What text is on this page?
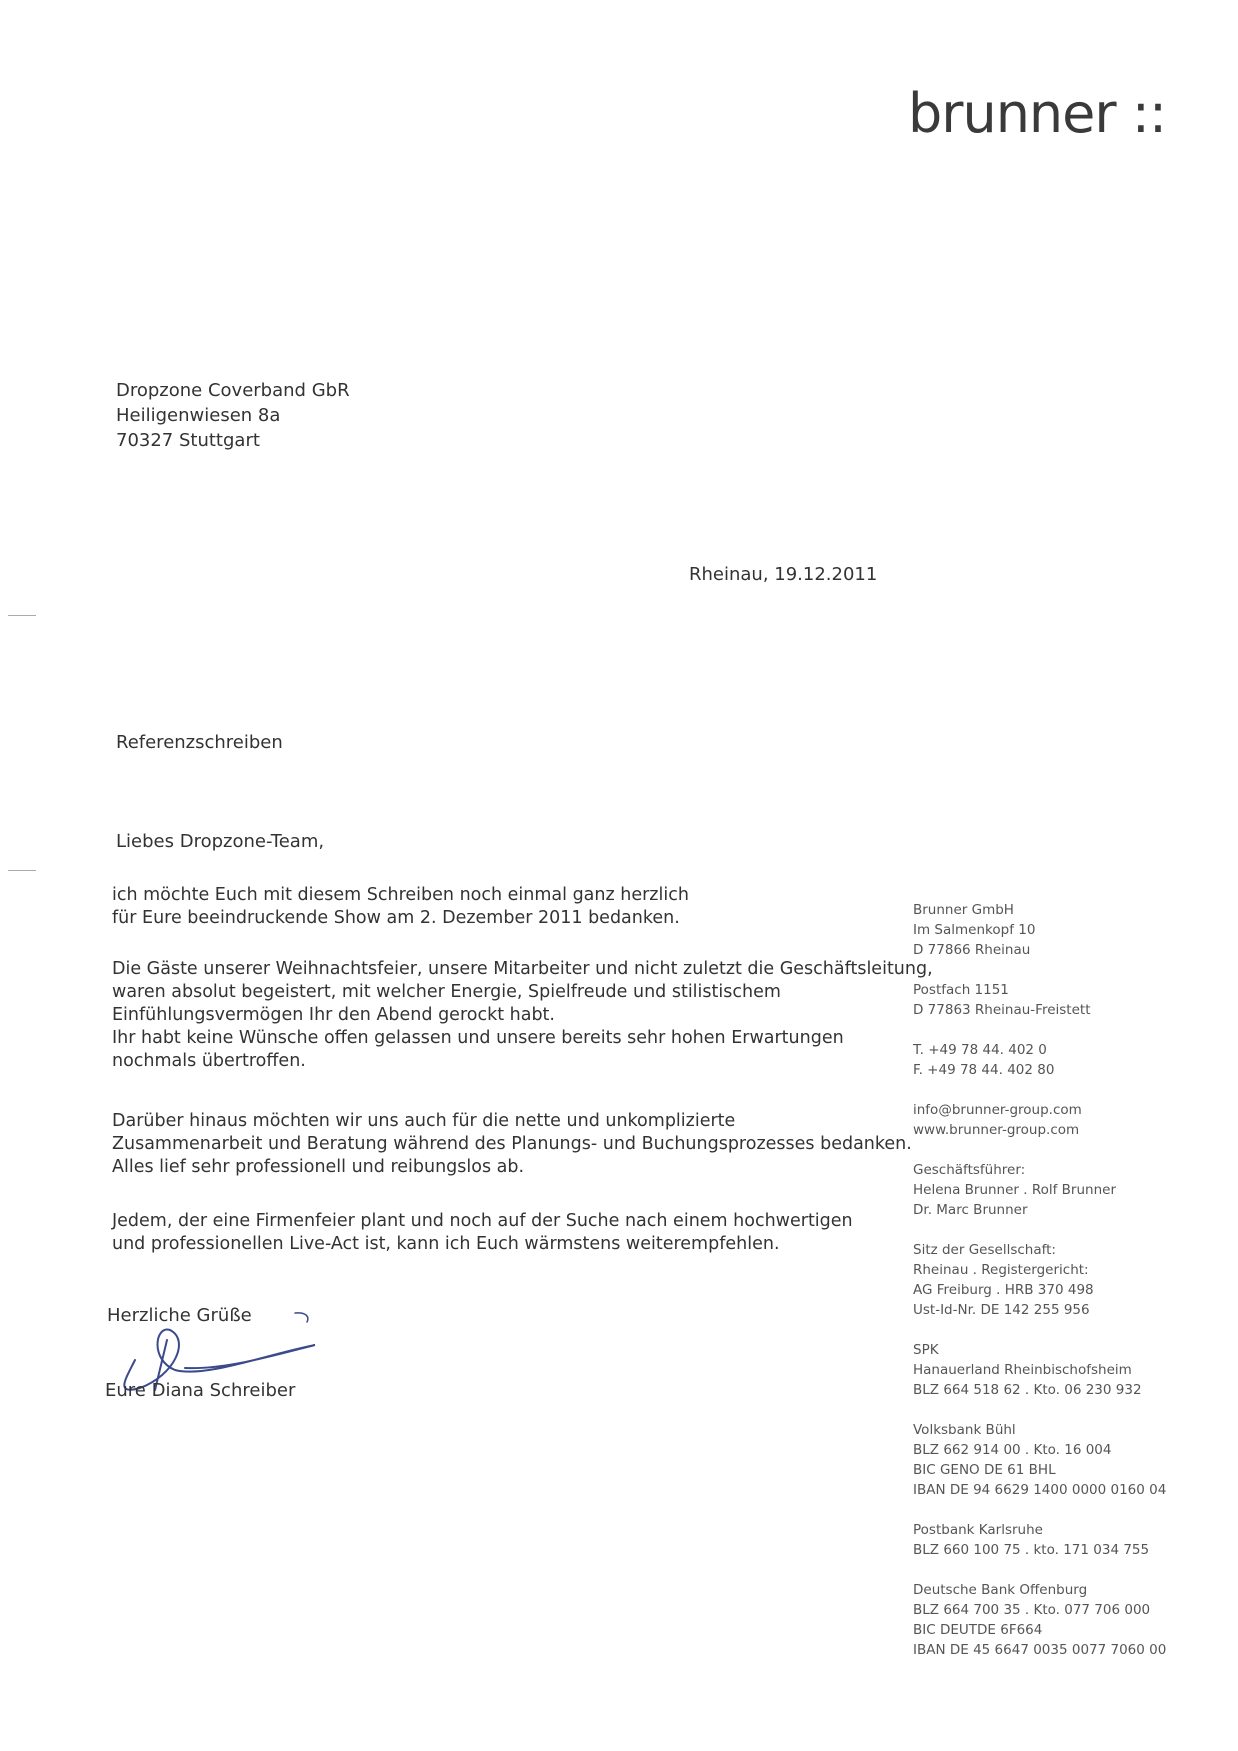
brunner ::
Dropzone Coverband GbR
Heiligenwiesen 8a
70327 Stuttgart
Rheinau, 19.12.2011
Referenzschreiben
Liebes Dropzone-Team,
ich möchte Euch mit diesem Schreiben noch einmal ganz herzlich
für Eure beeindruckende Show am 2. Dezember 2011 bedanken.
Die Gäste unserer Weihnachtsfeier, unsere Mitarbeiter und nicht zuletzt die Geschäftsleitung,
waren absolut begeistert, mit welcher Energie, Spielfreude und stilistischem
Einfühlungsvermögen Ihr den Abend gerockt habt.
Ihr habt keine Wünsche offen gelassen und unsere bereits sehr hohen Erwartungen
nochmals übertroffen.
Darüber hinaus möchten wir uns auch für die nette und unkomplizierte
Zusammenarbeit und Beratung während des Planungs- und Buchungsprozesses bedanken.
Alles lief sehr professionell und reibungslos ab.
Jedem, der eine Firmenfeier plant und noch auf der Suche nach einem hochwertigen
und professionellen Live-Act ist, kann ich Euch wärmstens weiterempfehlen.
Herzliche Grüße
Eure Diana Schreiber
Brunner GmbH
Im Salmenkopf 10
D 77866 Rheinau
Postfach 1151
D 77863 Rheinau-Freistett
T. +49 78 44. 402 0
F. +49 78 44. 402 80
info@brunner-group.com
www.brunner-group.com
Geschäftsführer:
Helena Brunner . Rolf Brunner
Dr. Marc Brunner
Sitz der Gesellschaft:
Rheinau . Registergericht:
AG Freiburg . HRB 370 498
Ust-Id-Nr. DE 142 255 956
SPK
Hanauerland Rheinbischofsheim
BLZ 664 518 62 . Kto. 06 230 932
Volksbank Bühl
BLZ 662 914 00 . Kto. 16 004
BIC GENO DE 61 BHL
IBAN DE 94 6629 1400 0000 0160 04
Postbank Karlsruhe
BLZ 660 100 75 . kto. 171 034 755
Deutsche Bank Offenburg
BLZ 664 700 35 . Kto. 077 706 000
BIC DEUTDE 6F664
IBAN DE 45 6647 0035 0077 7060 00
